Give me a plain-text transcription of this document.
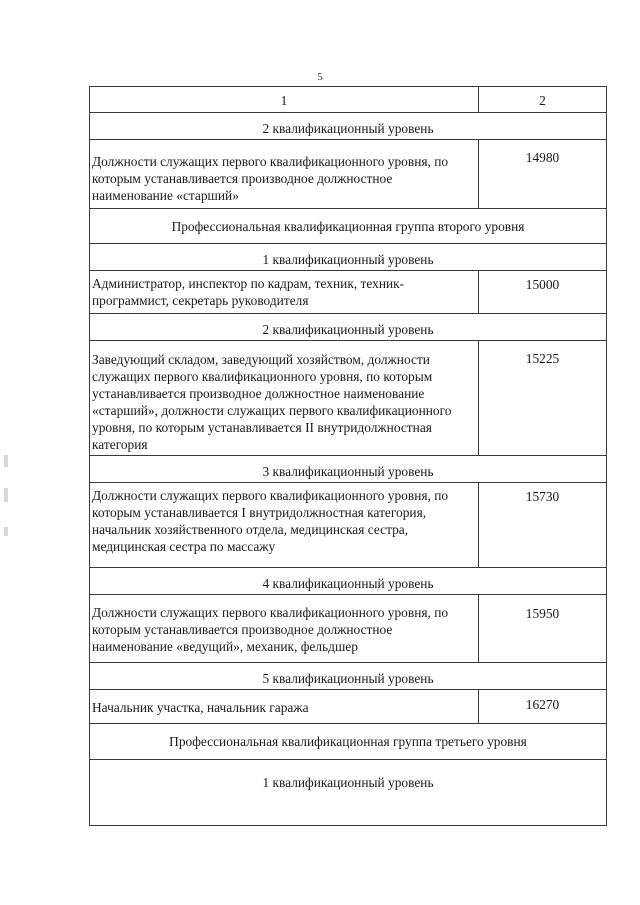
5
1	2
2 квалификационный уровень	
Должности служащих первого квалификационного уровня, по которым устанавливается производное должностное наименование «старший»	14980
Профессиональная квалификационная группа второго уровня	
1 квалификационный уровень	
Администратор, инспектор по кадрам, техник, техник-программист, секретарь руководителя	15000
2 квалификационный уровень	
Заведующий складом, заведующий хозяйством, должности служащих первого квалификационного уровня, по которым устанавливается производное должностное наименование «старший», должности служащих первого квалификационного уровня, по которым устанавливается II внутридолжностная категория	15225
3 квалификационный уровень	
Должности служащих первого квалификационного уровня, по которым устанавливается I внутридолжностная категория, начальник хозяйственного отдела, медицинская сестра, медицинская сестра по массажу	15730
4 квалификационный уровень	
Должности служащих первого квалификационного уровня, по которым устанавливается производное должностное наименование «ведущий», механик, фельдшер	15950
5 квалификационный уровень	
Начальник участка, начальник гаража	16270
Профессиональная квалификационная группа третьего уровня	
1 квалификационный уровень	
